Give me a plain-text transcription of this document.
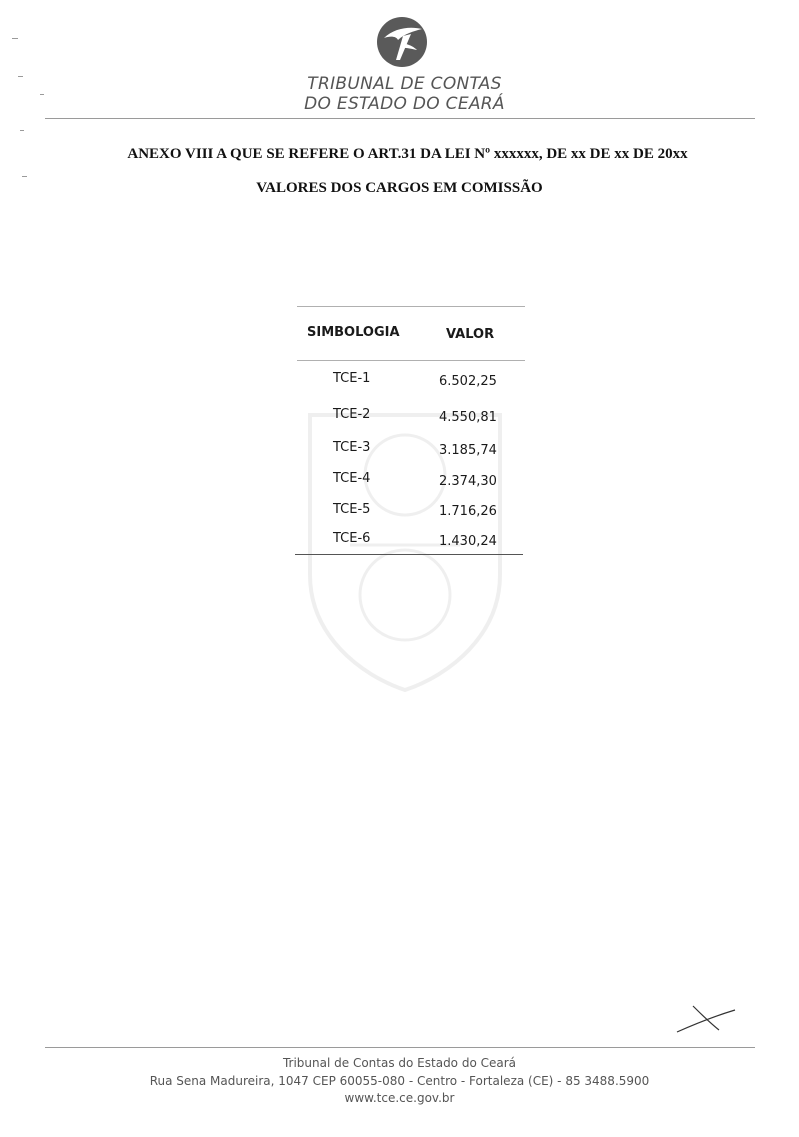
TRIBUNAL DE CONTAS
DO ESTADO DO CEARÁ
ANEXO VIII A QUE SE REFERE O ART.31 DA LEI Nº xxxxxx, DE xx DE xx DE 20xx
VALORES DOS CARGOS EM COMISSÃO
SIMBOLOGIA	VALOR
TCE-1	6.502,25
TCE-2	4.550,81
TCE-3	3.185,74
TCE-4	2.374,30
TCE-5	1.716,26
TCE-6	1.430,24
Tribunal de Contas do Estado do Ceará
Rua Sena Madureira, 1047 CEP 60055-080 - Centro - Fortaleza (CE) - 85 3488.5900
www.tce.ce.gov.br
